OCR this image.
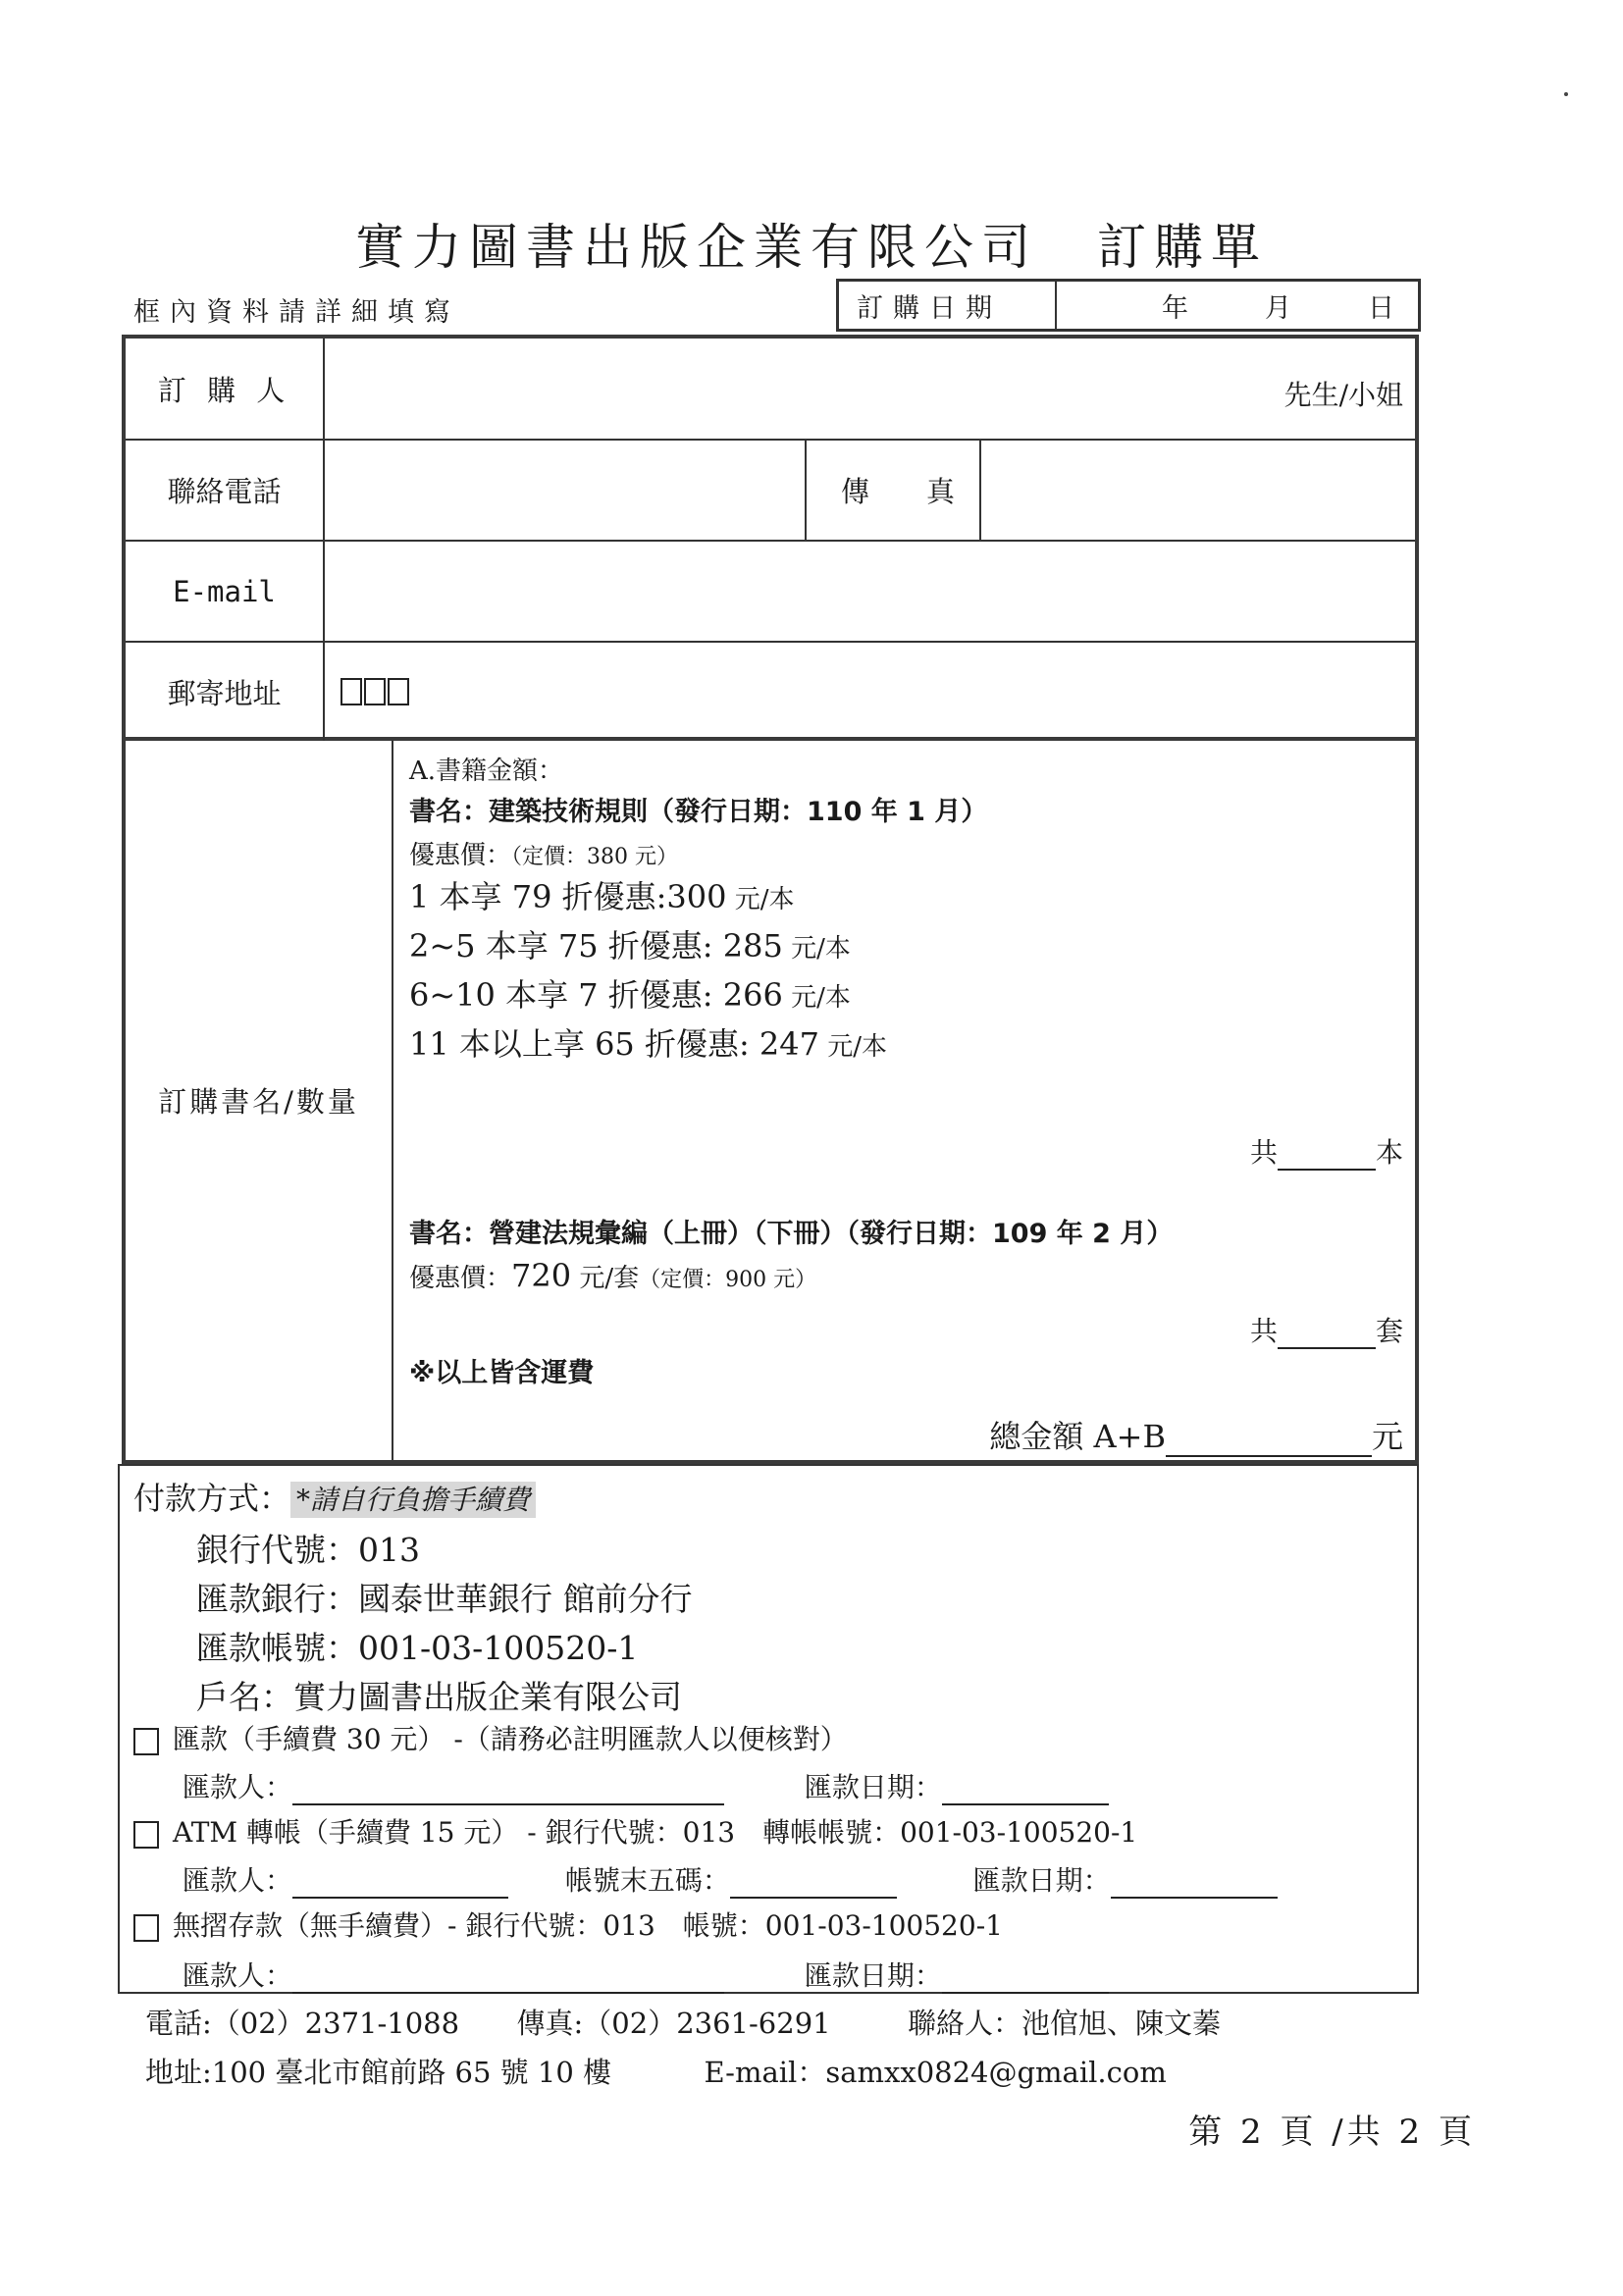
實力圖書出版企業有限公司 訂購單
框內資料請詳細填寫	訂購日期	年	月	日
訂 購 人	先生/小姐
聯絡電話	傳　　真
E-mail
郵寄地址
訂購書名/數量
A.書籍金額：
書名：建築技術規則（發行日期：110 年 1 月）
優惠價：（定價：380 元）
1 本享 79 折優惠:300 元/本
2~5 本享 75 折優惠: 285 元/本
6~10 本享 7 折優惠: 266 元/本
11 本以上享 65 折優惠: 247 元/本
共	本
書名：營建法規彙編（上冊）（下冊）（發行日期：109 年 2 月）
優惠價：720 元/套（定價：900 元）
共	套
※以上皆含運費
總金額 A+B	元
付款方式： *請自行負擔手續費
銀行代號：013
匯款銀行：國泰世華銀行 館前分行
匯款帳號：001-03-100520-1
戶名：實力圖書出版企業有限公司
匯款（手續費 30 元） -（請務必註明匯款人以便核對）
匯款人：	匯款日期：
ATM 轉帳（手續費 15 元） - 銀行代號：013　轉帳帳號：001-03-100520-1
匯款人：	帳號末五碼：	匯款日期：
無摺存款（無手續費）- 銀行代號：013　帳號：001-03-100520-1
匯款人：	匯款日期：
電話:（02）2371-1088 傳真:（02）2361-6291	聯絡人：池倌旭、陳文蓁
地址:100 臺北市館前路 65 號 10 樓	E-mail：samxx0824@gmail.com
第 2 頁 /共 2 頁
